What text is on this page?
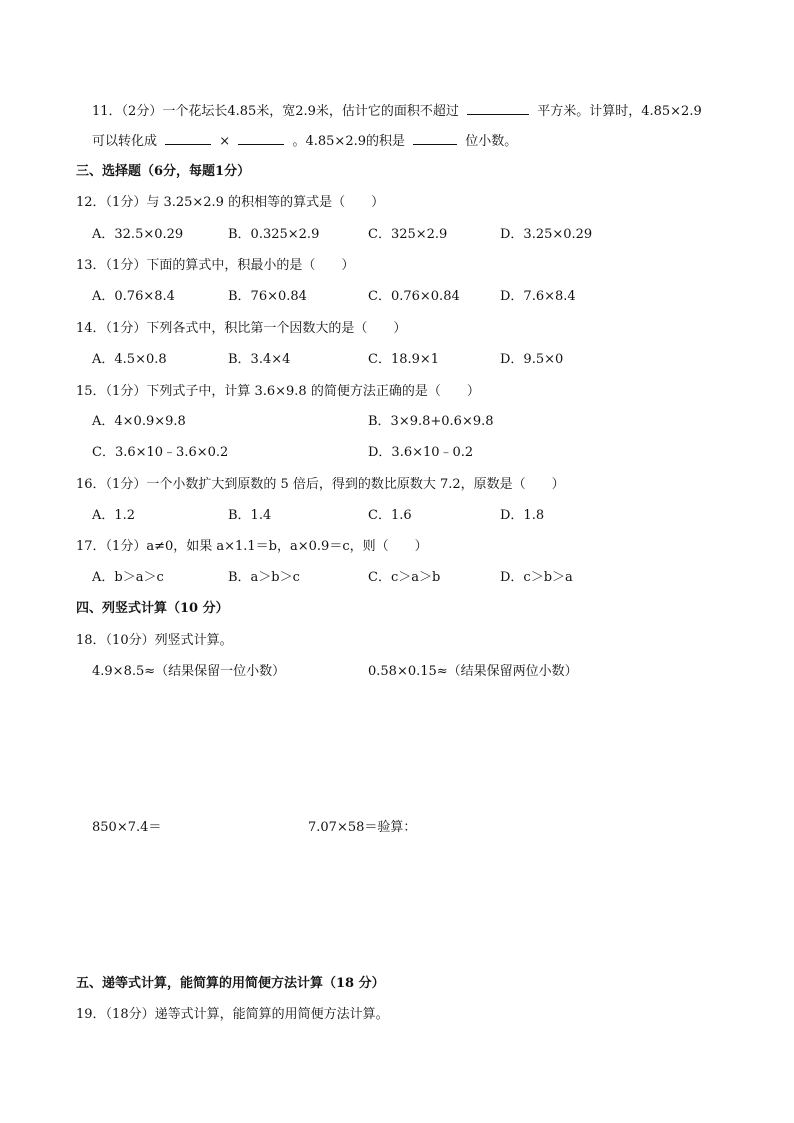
11．（2分）一个花坛长4.85米，宽2.9米，估计它的面积不超过	平方米。计算时，4.85×2.9
可以转化成	×	。4.85×2.9的积是	位小数。
三、选择题（6分，每题1分）
12．（1分）与 3.25×2.9 的积相等的算式是（　　）
A．32.5×0.29	B．0.325×2.9	C．325×2.9	D．3.25×0.29
13．（1分）下面的算式中，积最小的是（　　）
A．0.76×8.4	B．76×0.84	C．0.76×0.84	D．7.6×8.4
14．（1分）下列各式中，积比第一个因数大的是（　　）
A．4.5×0.8	B．3.4×4	C．18.9×1	D．9.5×0
15．（1分）下列式子中，计算 3.6×9.8 的简便方法正确的是（　　）
A．4×0.9×9.8	B．3×9.8+0.6×9.8
C．3.6×10﹣3.6×0.2	D．3.6×10﹣0.2
16．（1分）一个小数扩大到原数的 5 倍后，得到的数比原数大 7.2，原数是（　　）
A．1.2	B．1.4	C．1.6	D．1.8
17．（1分）a≠0，如果 a×1.1＝b，a×0.9＝c，则（　　）
A．b＞a＞c	B．a＞b＞c	C．c＞a＞b	D．c＞b＞a
四、列竖式计算（10 分）
18．（10分）列竖式计算。
4.9×8.5≈（结果保留一位小数）	0.58×0.15≈（结果保留两位小数）
850×7.4＝	7.07×58＝验算：
五、递等式计算，能简算的用简便方法计算（18 分）
19．（18分）递等式计算，能简算的用简便方法计算。
